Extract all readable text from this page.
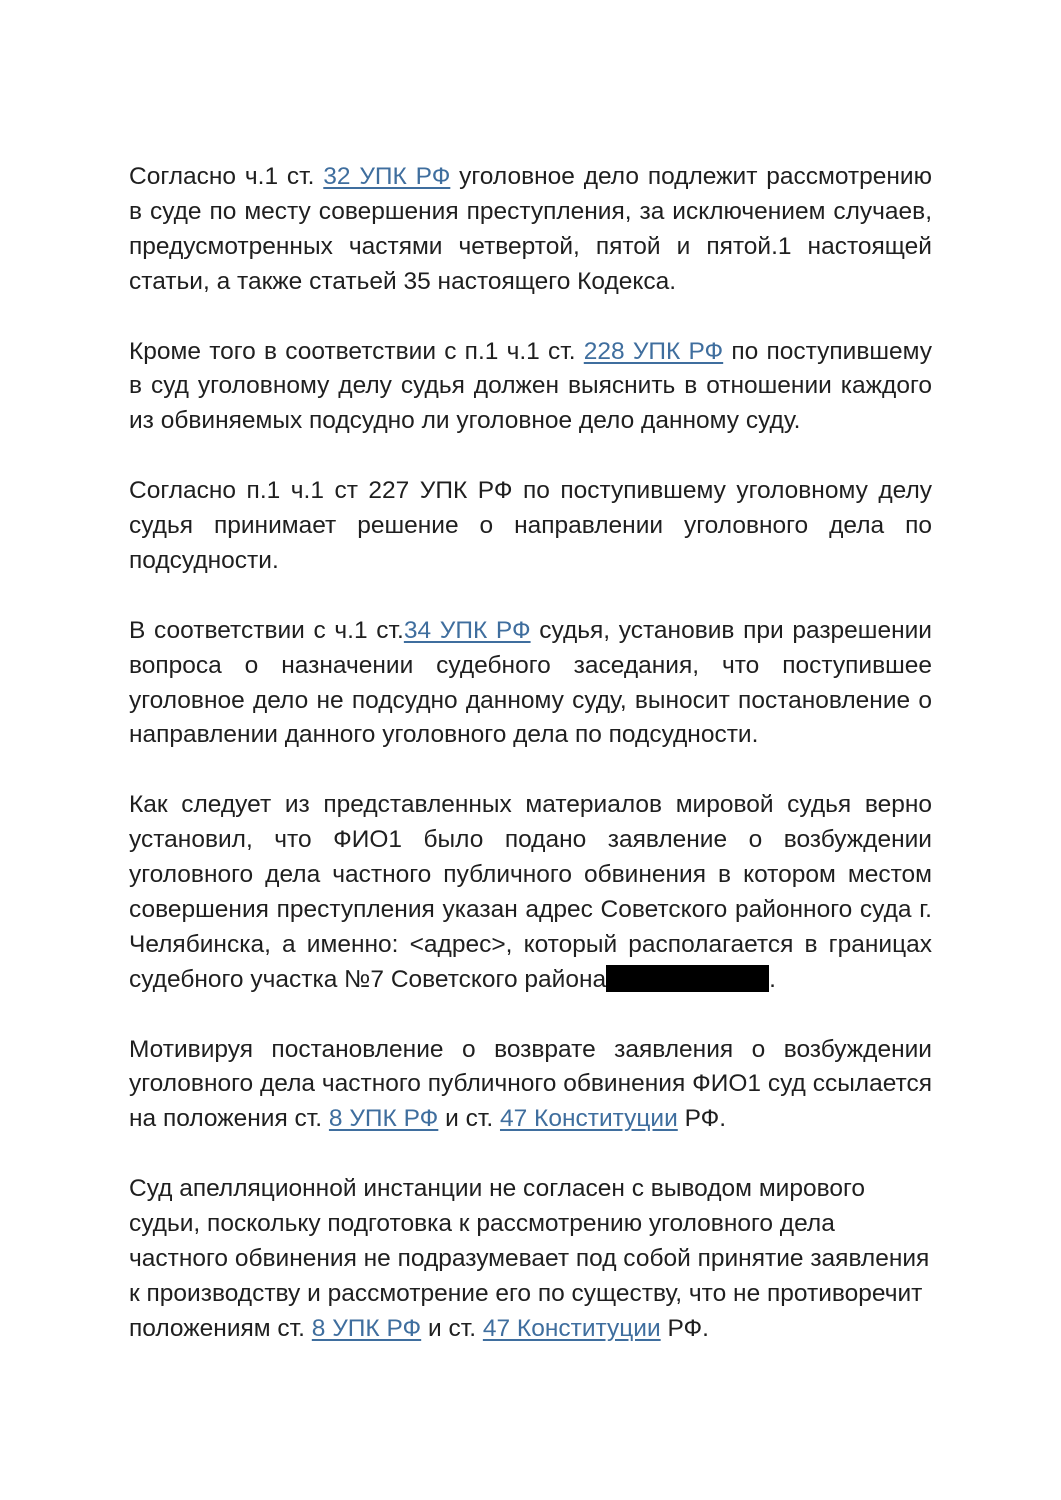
Согласно ч.1 ст. 32 УПК РФ уголовное дело подлежит рассмотрению в суде по месту совершения преступления, за исключением случаев, предусмотренных частями четвертой, пятой и пятой.1 настоящей статьи, а также статьей 35 настоящего Кодекса.

Кроме того в соответствии с п.1 ч.1 ст. 228 УПК РФ по поступившему в суд уголовному делу судья должен выяснить в отношении каждого из обвиняемых подсудно ли уголовное дело данному суду.

Согласно п.1 ч.1 ст 227 УПК РФ по поступившему уголовному делу судья принимает решение о направлении уголовного дела по подсудности.

В соответствии с ч.1 ст.34 УПК РФ судья, установив при разрешении вопроса о назначении судебного заседания, что поступившее уголовное дело не подсудно данному суду, выносит постановление о направлении данного уголовного дела по подсудности.

Как следует из представленных материалов мировой судья верно установил, что ФИО1 было подано заявление о возбуждении уголовного дела частного публичного обвинения в котором местом совершения преступления указан адрес Советского районного суда г. Челябинска, а именно: <адрес>, который располагается в границах судебного участка №7 Советского района	.

Мотивируя постановление о возврате заявления о возбуждении уголовного дела частного публичного обвинения ФИО1 суд ссылается на положения ст. 8 УПК РФ и ст. 47 Конституции РФ.

Суд апелляционной инстанции не согласен с выводом мирового судьи, поскольку подготовка к рассмотрению уголовного дела частного обвинения не подразумевает под собой принятие заявления к производству и рассмотрение его по существу, что не противоречит положениям ст. 8 УПК РФ и ст. 47 Конституции РФ.
